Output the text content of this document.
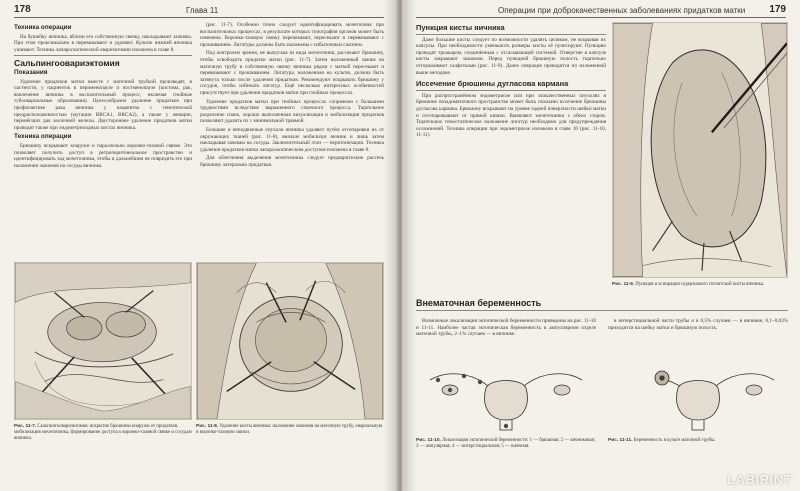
178	Глава 11
Техника операции

На бушейку яичника, вблизи его собственную связку, накладывают зажимы. При этом проксимально в перевязывают и удаляют. Культю нижней яичника ушивают. Техника лапароскопической овариэктомии изложена в главе 8.

Сальпингоовариэктомия
Показания

Удаление придатков матки вместе с маточной трубкой производят, в частности, у пациенток в перименопаузе и постменопаузе (кистома, рак, вовлечение яичника в воспалительный процесс, включая гнойные тубоовариальные образования). Целесообразно удаление придатков при профилактике рака яичника у пациенток с генетической предрасположенностью (мутации BRCA1, BRCA2), а также у женщин, перенёсших рак молочной железы. Двустороннее удаление придатков матки проводят также при эндометриоидных кистах яичника.

Техника операции

Брюшину вскрывают кнаружи и параллельно воронко-тазовой связке. Это позволяет получить доступ в ретроперитонеальное пространство и идентифицировать ход мочеточника, чтобы в дальнейшем не повредить его при наложении зажимов на сосуды яичника.

(рис. 11-7). Особенно точно следует идентифицировать мочеточник при воспалительных процессах, в результате которых топография органов может быть изменена. Воронко-тазовую связку пережимают, пересекают и перевязывают с прошиванием. Лигатуры должны быть наложены с избыточным сжатием.

Под контролем зрения, не выпуская из вида мочеточник, рассекают брюшину, чтобы освободить придатки матки (рис. 11-7). Затем наложенный зажим на маточную трубу и собственную связку яичника рядом с маткой пересекают и перевязывают с прошиванием. Лигатура, наложенная на культю, должна быть затянута только после удаления придатков. Рекомендуют вскрывать брюшину у сосудов, чтобы избежать лигатур. Ещё несколько интересных особенностей присутствует при удалении придатков матки при гнойных процессах.

Удаление придатков матки при гнойных процессах сопряжено с большими трудностями вследствие выраженного спаечного процесса. Тщательное разделение спаек, хорошо выполненная визуализация и мобилизация придатков позволяют удалить их с минимальной травмой.

Большие и неподвижные опухоли яичника удаляют путём отсепаровки их от окружающих тканей (рис. 11-8), вначале мобилизуя яичник и лишь затем накладывая зажимы на сосуды. Заключительный этап — перитонизация. Техника удаления придатков матки лапароскопическим доступом изложена в главе 8.

Для облегчения выделения мочеточника следует предварительно рассечь брюшину латерально придатков.

Рис. 11-7. Сальпингоовариэктомия: вскрытие брюшины кнаружи от придатков, мобилизация мочеточника, формирование доступа к воронко-тазовой связке и сосудам яичника.
Рис. 11-8. Удаление кисты яичника: наложение зажимов на маточную трубу, овариальную и воронко-тазовую связки.
Операции при доброкачественных заболеваниях придатков матки 179
Пункция кисты яичника

Даже большие кисты следует по возможности удалять целиком, не вскрывая их капсулы. При необходимости уменьшить размеры кисты её пунктируют. Пункцию проводят троакаром, соединённым с отсасывающей системой. Отверстие в капсуле кисты закрывают зажимом. Перед пункцией брюшную полость тщательно отгораживают салфетками (рис. 11-9). Далее операция проводится по изложенной выше методике.

Иссечение брюшины дугласова кармана

При распространённом эндометриозе или при злокачественных опухолях в брюшине позадиматочного пространства может быть показано иссечение брюшины дугласова кармана. Брюшину вскрывают на уровне задней поверхности шейки матки и отсепаровывают от прямой кишки. Выявляют мочеточники с обеих сторон. Тщательное гемостатическое наложение лигатур необходимо для предупреждения осложнений. Техника операции при эндометриозе изложена в главе 10 (рис. 11-10, 11-11).

Рис. 11-9. Пункция и аспирация содержимого гигантской кисты яичника.
Внематочная беременность

Возможные локализации эктопической беременности приведены на рис. 11-10 и 11-11. Наиболее частая эктопическая беременность в ампуллярном отделе маточной трубы, 2–1% случаев — в яичнике.

в интерстициальной части трубы и в 0,5% случаев — в яичнике; 0,1–0,03% приходится на шейку матки и брюшную полость.

Рис. 11-10. Локализация эктопической беременности: 1 — брюшная; 2 — яичниковая; 3 — ампулярная; 4 — интерстициальная; 5 — шеечная.
Рис. 11-11. Беременность в культе маточной трубы.
LABIRINT
